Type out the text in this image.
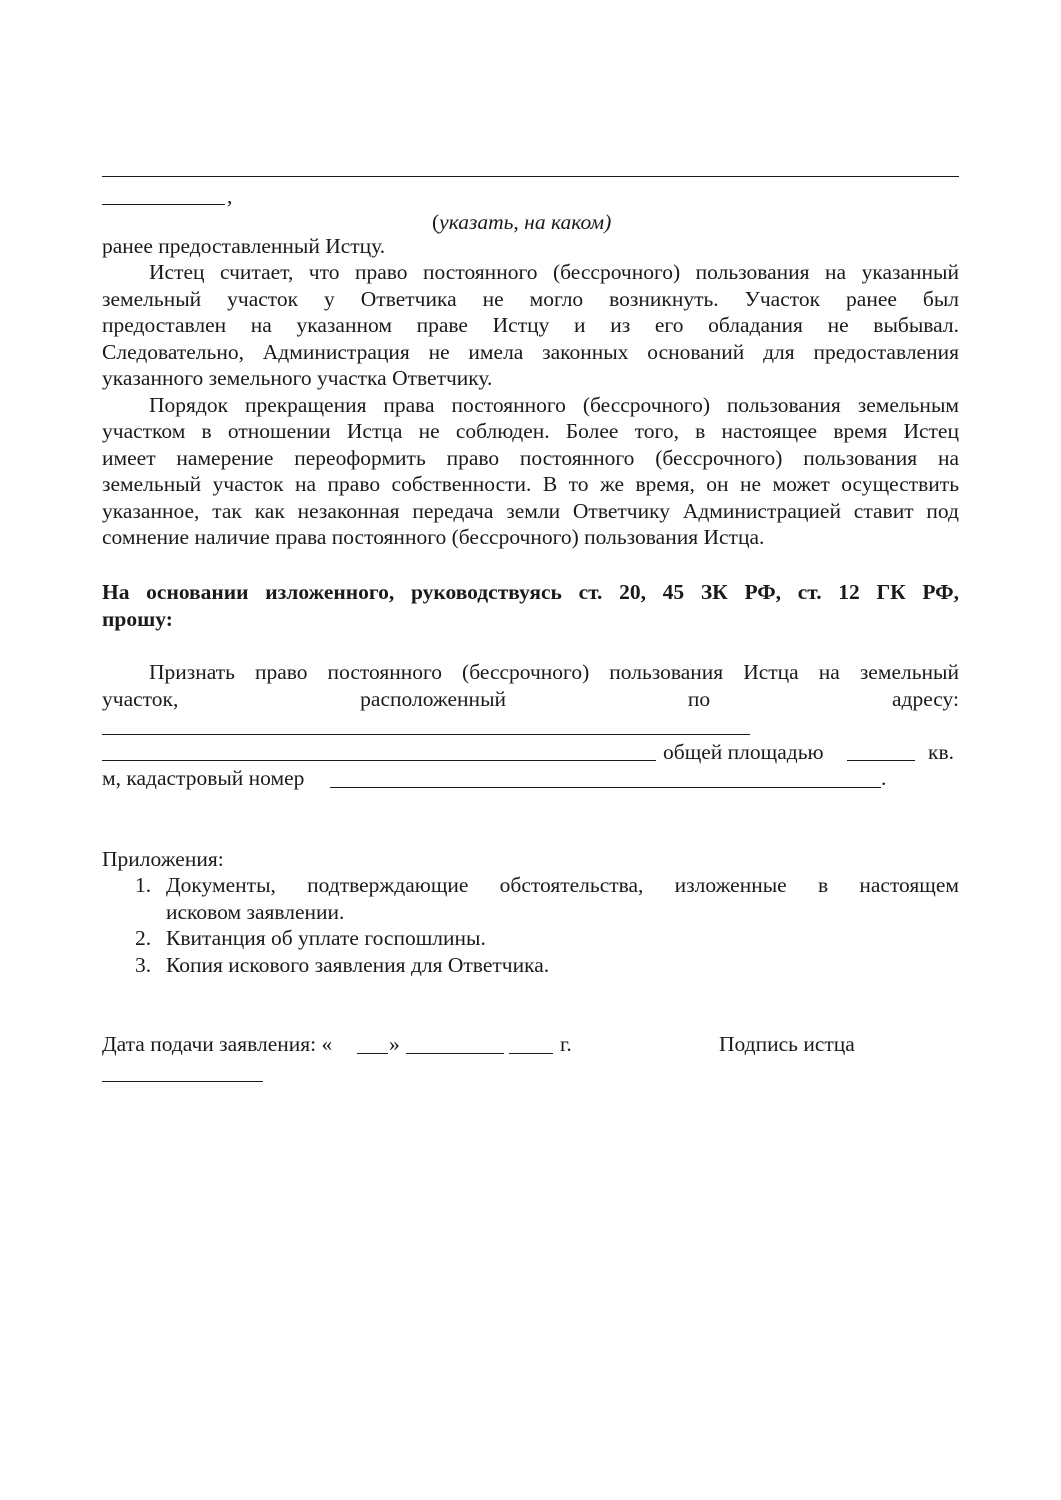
,
(указать, на каком)
ранее предоставленный Истцу.
Истец считает, что право постоянного (бессрочного) пользования на указанный
земельный участок у Ответчика не могло возникнуть. Участок ранее был
предоставлен на указанном праве Истцу и из его обладания не выбывал.
Следовательно, Администрация не имела законных оснований для предоставления
указанного земельного участка Ответчику.
Порядок прекращения права постоянного (бессрочного) пользования земельным
участком в отношении Истца не соблюден. Более того, в настоящее время Истец
имеет намерение переоформить право постоянного (бессрочного) пользования на
земельный участок на право собственности. В то же время, он не может осуществить
указанное, так как незаконная передача земли Ответчику Администрацией ставит под
сомнение наличие права постоянного (бессрочного) пользования Истца.
На основании изложенного, руководствуясь ст. 20, 45 ЗК РФ, ст. 12 ГК РФ,
прошу:
Признать право постоянного (бессрочного) пользования Истца на земельный
участок, расположенный по адресу:
общей площадью	кв.
м, кадастровый номер	.
Приложения:
1. Документы, подтверждающие обстоятельства, изложенные в настоящем
исковом заявлении.
2. Квитанция об уплате госпошлины.
3. Копия искового заявления для Ответчика.
Дата подачи заявления: «	»	г.	Подпись истца
